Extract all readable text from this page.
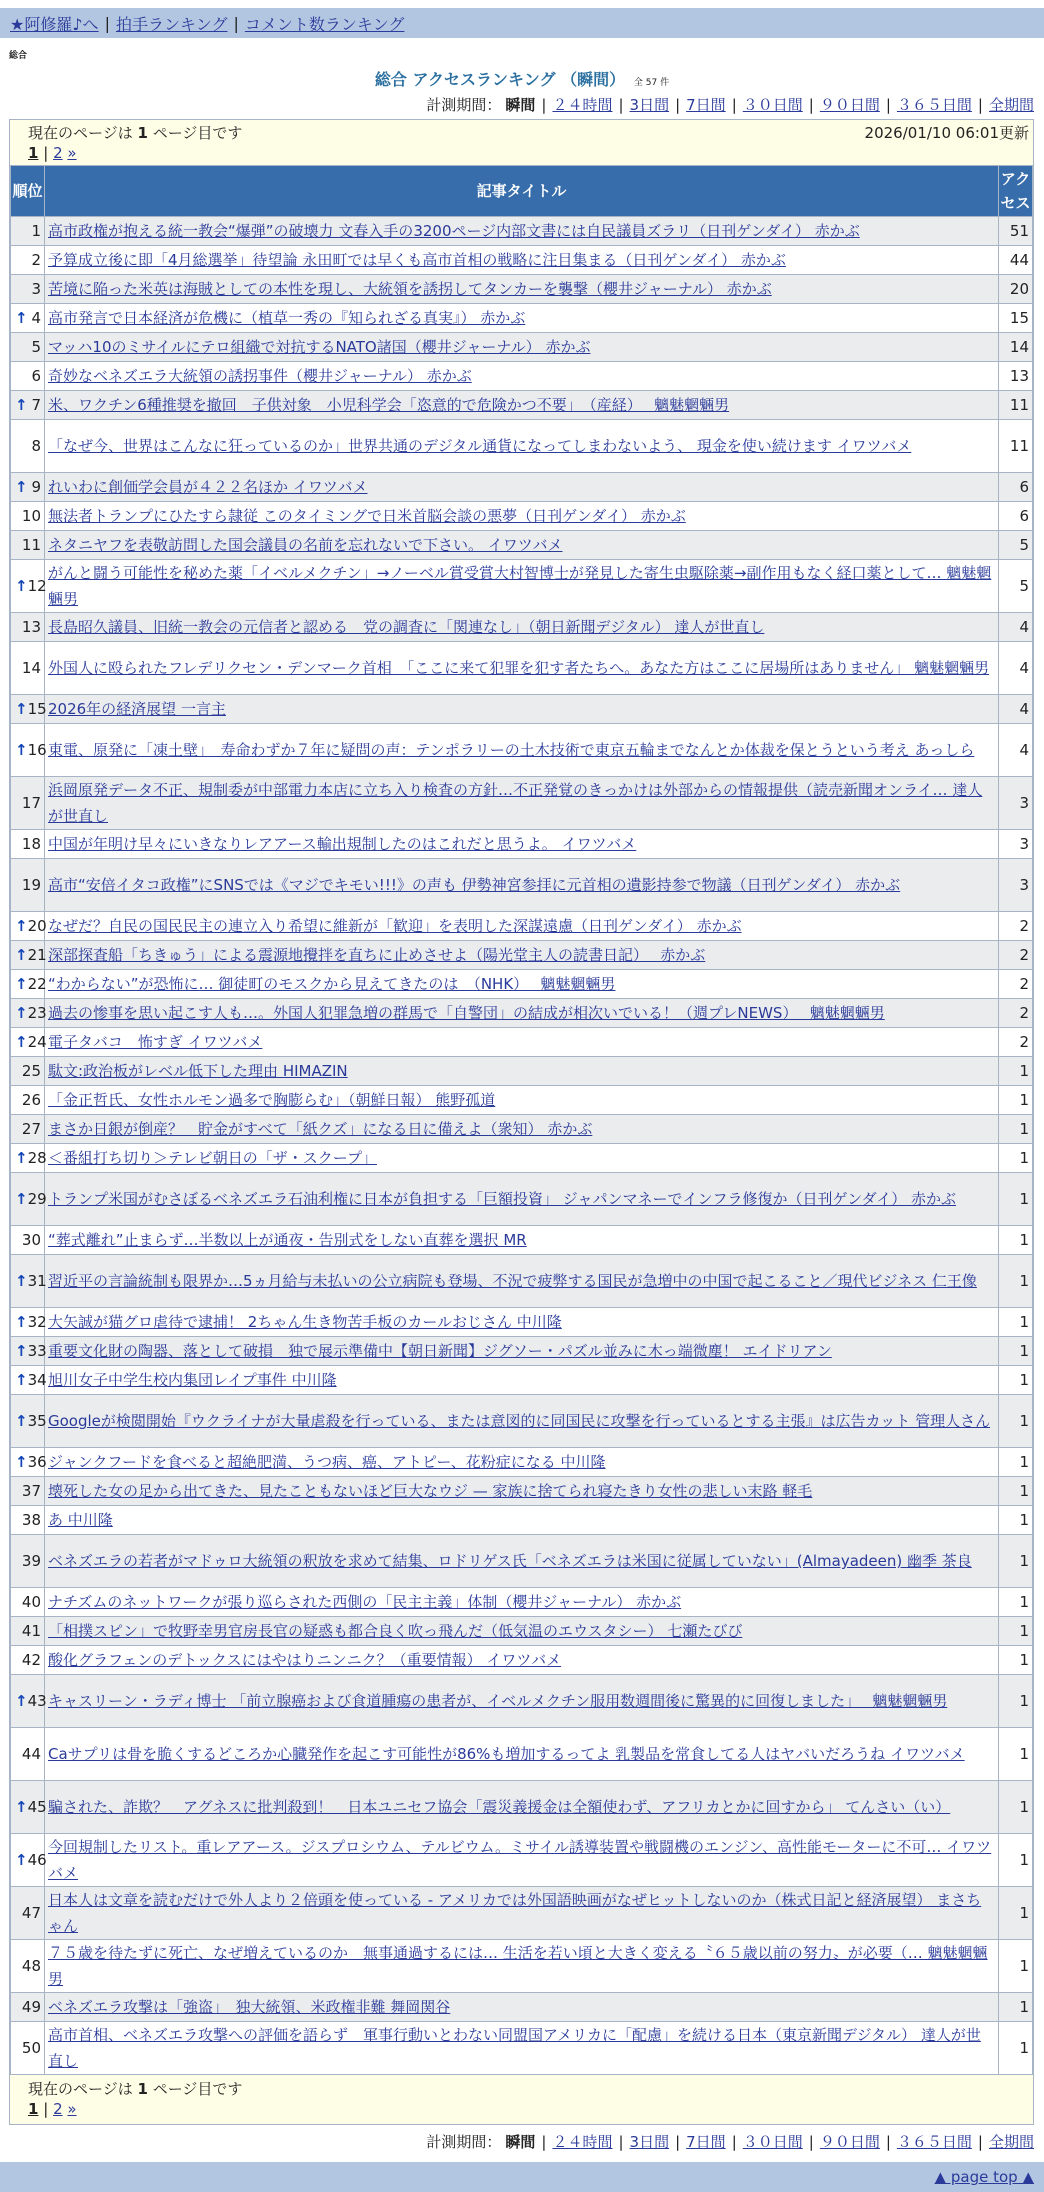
★阿修羅♪へ | 拍手ランキング | コメント数ランキング
総合
総合 アクセスランキング （瞬間） 全 57 件
計測期間： 瞬間 | ２４時間 | 3日間 | 7日間 | ３０日間 | ９０日間 | ３６５日間 | 全期間
現在のページは 1 ページ目です	2026/01/10 06:01更新
1 | 2 »
順位	記事タイトル	アクセス
1	高市政権が抱える統一教会“爆弾”の破壊力 文春入手の3200ページ内部文書には自民議員ズラリ（日刊ゲンダイ） 赤かぶ	51
2	予算成立後に即「4月総選挙」待望論 永田町では早くも高市首相の戦略に注目集まる（日刊ゲンダイ） 赤かぶ	44
3	苦境に陥った米英は海賊としての本性を現し、大統領を誘拐してタンカーを襲撃（櫻井ジャーナル） 赤かぶ	20

↑ 4	高市発言で日本経済が危機に（植草一秀の『知られざる真実』） 赤かぶ	15
5	マッハ10のミサイルにテロ組織で対抗するNATO諸国（櫻井ジャーナル） 赤かぶ	14
6	奇妙なベネズエラ大統領の誘拐事件（櫻井ジャーナル） 赤かぶ	13

↑ 7	米、ワクチン6種推奨を撤回　子供対象　小児科学会「恣意的で危険かつ不要」　（産経）　 魑魅魍魎男	11
8	「なぜ今、世界はこんなに狂っているのか」世界共通のデジタル通貨になってしまわないよう、 現金を使い続けます イワツバメ	11

↑ 9	れいわに創価学会員が４２２名ほか イワツバメ	6
10	無法者トランプにひたすら隷従 このタイミングで日米首脳会談の悪夢（日刊ゲンダイ） 赤かぶ	6
11	ネタニヤフを表敬訪問した国会議員の名前を忘れないで下さい。 イワツバメ	5

↑ 12	がんと闘う可能性を秘めた薬「イベルメクチン」→ノーベル賞受賞大村智博士が発見した寄生虫駆除薬→副作用もなく経口薬として… 魑魅魍魎男	5
13	長島昭久議員、旧統一教会の元信者と認める　党の調査に「関連なし」（朝日新聞デジタル） 達人が世直し	4
14	外国人に殴られたフレデリクセン・デンマーク首相　「ここに来て犯罪を犯す者たちへ。あなた方はここに居場所はありません」 魑魅魍魎男	4

↑ 15	2026年の経済展望 一言主	4

↑ 16	東電、原発に「凍土壁」　寿命わずか７年に疑問の声：テンポラリーの土木技術で東京五輪までなんとか体裁を保とうという考え あっしら	4
17	浜岡原発データ不正、規制委が中部電力本店に立ち入り検査の方針…不正発覚のきっかけは外部からの情報提供（読売新聞オンライ… 達人が世直し	3
18	中国が年明け早々にいきなりレアアース輸出規制したのはこれだと思うよ。 イワツバメ	3
19	高市“安倍イタコ政権”にSNSでは《マジでキモい!!!》の声も 伊勢神宮参拝に元首相の遺影持参で物議（日刊ゲンダイ） 赤かぶ	3

↑ 20	なぜだ？自民の国民民主の連立入り希望に維新が「歓迎」を表明した深謀遠慮（日刊ゲンダイ） 赤かぶ	2

↑ 21	深部探査船「ちきゅう」による震源地攪拌を直ちに止めさせよ（陽光堂主人の読書日記）　 赤かぶ	2

↑ 22	“わからない”が恐怖に… 御徒町のモスクから見えてきたのは　（NHK）　 魑魅魍魎男	2

↑ 23	過去の惨事を思い起こす人も…。外国人犯罪急増の群馬で「自警団」の結成が相次いでいる！（週プレNEWS）　 魑魅魍魎男	2

↑ 24	電子タバコ　怖すぎ イワツバメ	2
25	駄文:政治板がレベル低下した理由 HIMAZIN	1
26	「金正哲氏、女性ホルモン過多で胸膨らむ」（朝鮮日報） 熊野孤道	1
27	まさか日銀が倒産？　貯金がすべて「紙クズ」になる日に備えよ（衆知） 赤かぶ	1

↑ 28	＜番組打ち切り＞テレビ朝日の「ザ・スクープ」	1

↑ 29	トランプ米国がむさぼるベネズエラ石油利権に日本が負担する「巨額投資」 ジャパンマネーでインフラ修復か（日刊ゲンダイ） 赤かぶ	1
30	“葬式離れ”止まらず…半数以上が通夜・告別式をしない直葬を選択 MR	1

↑ 31	習近平の言論統制も限界か…5ヵ月給与未払いの公立病院も登場、不況で疲弊する国民が急増中の中国で起こること／現代ビジネス 仁王像	1

↑ 32	大矢誠が猫グロ虐待で逮捕！ 2ちゃん生き物苦手板のカールおじさん 中川隆	1

↑ 33	重要文化財の陶器、落として破損　独で展示準備中【朝日新聞】ジグソー・パズル並みに木っ端微塵！ エイドリアン	1

↑ 34	旭川女子中学生校内集団レイプ事件 中川隆	1

↑ 35	Googleが検閲開始『ウクライナが大量虐殺を行っている、または意図的に同国民に攻撃を行っているとする主張』は広告カット 管理人さん	1

↑ 36	ジャンクフードを食べると超絶肥満、うつ病、癌、アトピー、花粉症になる 中川隆	1
37	壊死した女の足から出てきた、見たこともないほど巨大なウジ — 家族に捨てられ寝たきり女性の悲しい末路 軽毛	1
38	あ 中川隆	1
39	ベネズエラの若者がマドゥロ大統領の釈放を求めて結集、ロドリゲス氏「ベネズエラは米国に従属していない」(Almayadeen) 幽季 茶良	1
40	ナチズムのネットワークが張り巡らされた西側の「民主主義」体制（櫻井ジャーナル） 赤かぶ	1
41	「相撲スピン」で牧野幸男官房長官の疑惑も都合良く吹っ飛んだ（低気温のエウスタシー） 七瀬たびび	1
42	酸化グラフェンのデトックスにはやはりニンニク？（重要情報） イワツバメ	1

↑ 43	キャスリーン・ラディ博士 「前立腺癌および食道腫瘍の患者が、イベルメクチン服用数週間後に驚異的に回復しました」　 魑魅魍魎男	1
44	Caサプリは骨を脆くするどころか心臓発作を起こす可能性が86%も増加するってよ 乳製品を常食してる人はヤバいだろうね イワツバメ	1

↑ 45	騙された、詐欺？　アグネスに批判殺到！　日本ユニセフ協会「震災義援金は全額使わず、アフリカとかに回すから」 てんさい（い）	1

↑ 46	今回規制したリスト。重レアアース。ジスプロシウム、テルビウム。ミサイル誘導装置や戦闘機のエンジン、高性能モーターに不可… イワツバメ	1
47	日本人は文章を読むだけで外人より２倍頭を使っている - アメリカでは外国語映画がなぜヒットしないのか（株式日記と経済展望） まさちゃん	1
48	７５歳を待たずに死亡、なぜ増えているのか　無事通過するには… 生活を若い頃と大きく変える〝６５歳以前の努力〟が必要（… 魑魅魍魎男	1
49	ベネズエラ攻撃は「強盗」　独大統領、米政権非難 舞岡関谷	1
50	高市首相、ベネズエラ攻撃への評価を語らず　軍事行動いとわない同盟国アメリカに「配慮」を続ける日本（東京新聞デジタル） 達人が世直し	1
現在のページは 1 ページ目です
1 | 2 »
計測期間： 瞬間 | ２４時間 | 3日間 | 7日間 | ３０日間 | ９０日間 | ３６５日間 | 全期間
▲ page top ▲
